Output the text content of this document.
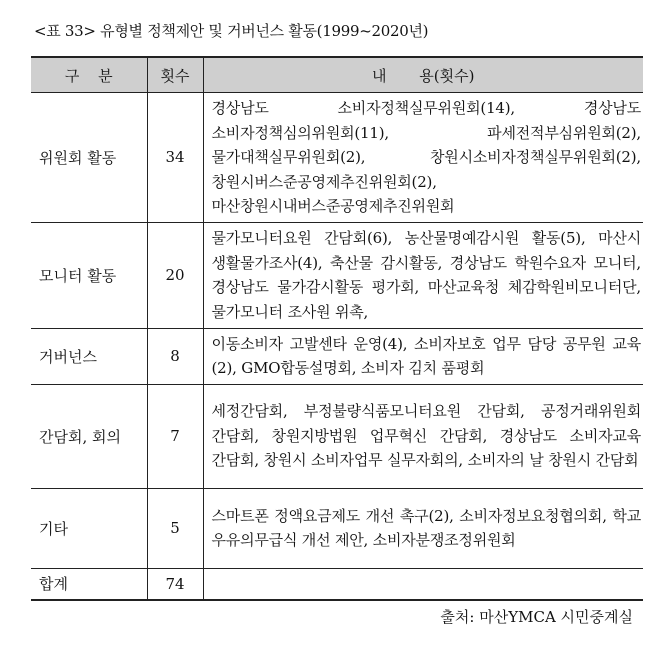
<표 33> 유형별 정책제안 및 거버넌스 활동(1999~2020년)
구 분	횟수	내 용(횟수)
위원회 활동	34	경상남도 소비자정책실무위원회(14), 경상남도 소비자정책심의위원회(11), 파세전적부심위원회(2), 물가대책실무위원회(2), 창원시소비자정책실무위원회(2), 창원시버스준공영제추진위원회(2), 마산창원시내버스준공영제추진위원회
모니터 활동	20	물가모니터요원 간담회(6), 농산물명예감시원 활동(5), 마산시 생활물가조사(4), 축산물 감시활동, 경상남도 학원수요자 모니터, 경상남도 물가감시활동 평가회, 마산교육청 체감학원비모니터단, 물가모니터 조사원 위촉,
거버넌스	8	이동소비자 고발센타 운영(4), 소비자보호 업무 담당 공무원 교육(2), GMO합동설명회, 소비자 김치 품평회
간담회, 회의	7	세정간담회, 부정불량식품모니터요원 간담회, 공정거래위원회 간담회, 창원지방법원 업무혁신 간담회, 경상남도 소비자교육 간담회, 창원시 소비자업무 실무자회의, 소비자의 날 창원시 간담회
기타	5	스마트폰 정액요금제도 개선 촉구(2), 소비자정보요청협의회, 학교 우유의무급식 개선 제안, 소비자분쟁조정위원회
합계	74	
출처: 마산YMCA 시민중계실
